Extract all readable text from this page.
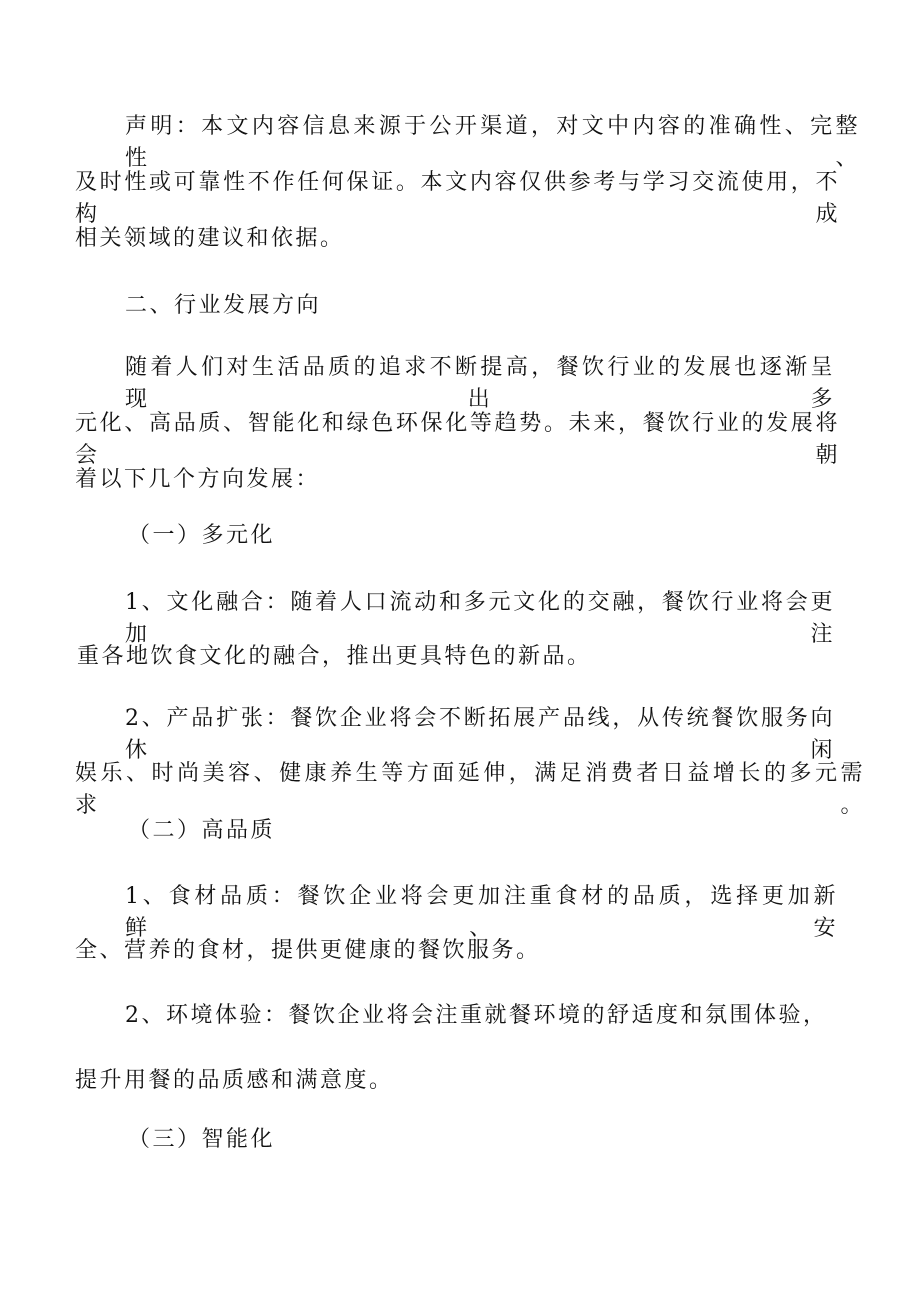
声明：本文内容信息来源于公开渠道，对文中内容的准确性、完整性、
及时性或可靠性不作任何保证。本文内容仅供参考与学习交流使用，不构成
相关领域的建议和依据。
二、行业发展方向
随着人们对生活品质的追求不断提高，餐饮行业的发展也逐渐呈现出多
元化、高品质、智能化和绿色环保化等趋势。未来，餐饮行业的发展将会朝
着以下几个方向发展：
（一）多元化
1、文化融合：随着人口流动和多元文化的交融，餐饮行业将会更加注
重各地饮食文化的融合，推出更具特色的新品。
2、产品扩张：餐饮企业将会不断拓展产品线，从传统餐饮服务向休闲
娱乐、时尚美容、健康养生等方面延伸，满足消费者日益增长的多元需求。
（二）高品质
1、食材品质：餐饮企业将会更加注重食材的品质，选择更加新鲜、安
全、营养的食材，提供更健康的餐饮服务。
2、环境体验：餐饮企业将会注重就餐环境的舒适度和氛围体验，
提升用餐的品质感和满意度。
（三）智能化
